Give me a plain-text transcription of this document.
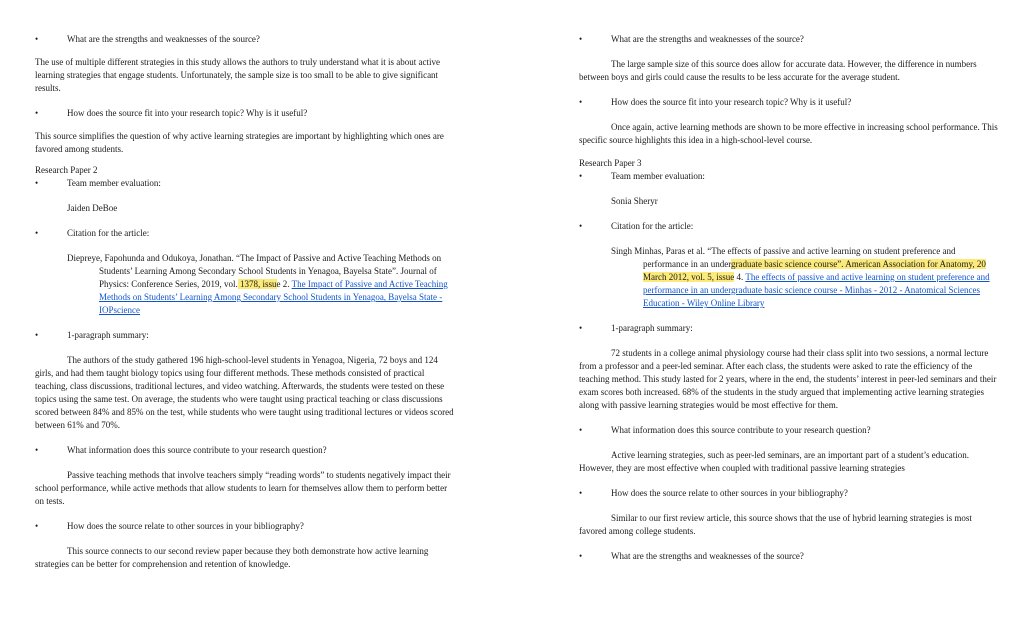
•	What are the strengths and weaknesses of the source?

The use of multiple different strategies in this study allows the authors to truly understand what it is about active learning strategies that engage students. Unfortunately, the sample size is too small to be able to give significant results.

•	How does the source fit into your research topic? Why is it useful?

This source simplifies the question of why active learning strategies are important by highlighting which ones are favored among students.

Research Paper 2
•	Team member evaluation:
Jaiden DeBoe
•	Citation for the article:

Diepreye, Fapohunda and Odukoya, Jonathan. “The Impact of Passive and Active Teaching Methods on Students’ Learning Among Secondary School Students in Yenagoa, Bayelsa State”. Journal of Physics: Conference Series, 2019, vol. 1378, issue 2. The Impact of Passive and Active Teaching Methods on Students’ Learning Among Secondary School Students in Yenagoa, Bayelsa State - IOPscience

•	1-paragraph summary:

The authors of the study gathered 196 high-school-level students in Yenagoa, Nigeria, 72 boys and 124 girls, and had them taught biology topics using four different methods. These methods consisted of practical teaching, class discussions, traditional lectures, and video watching. Afterwards, the students were tested on these topics using the same test. On average, the students who were taught using practical teaching or class discussions scored between 84% and 85% on the test, while students who were taught using traditional lectures or videos scored between 61% and 70%.

•	What information does this source contribute to your research question?

Passive teaching methods that involve teachers simply “reading words” to students negatively impact their school performance, while active methods that allow students to learn for themselves allow them to perform better on tests.

•	How does the source relate to other sources in your bibliography?

This source connects to our second review paper because they both demonstrate how active learning strategies can be better for comprehension and retention of knowledge.

•	What are the strengths and weaknesses of the source?

The large sample size of this source does allow for accurate data. However, the difference in numbers between boys and girls could cause the results to be less accurate for the average student.

•	How does the source fit into your research topic? Why is it useful?

Once again, active learning methods are shown to be more effective in increasing school performance. This specific source highlights this idea in a high-school-level course.

Research Paper 3
•	Team member evaluation:
Sonia Sheryr
•	Citation for the article:

Singh Minhas, Paras et al. “The effects of passive and active learning on student preference and performance in an undergraduate basic science course”. American Association for Anatomy, 20 March 2012, vol. 5, issue 4. The effects of passive and active learning on student preference and performance in an undergraduate basic science course - Minhas - 2012 - Anatomical Sciences Education - Wiley Online Library

•	1-paragraph summary:

72 students in a college animal physiology course had their class split into two sessions, a normal lecture from a professor and a peer-led seminar. After each class, the students were asked to rate the efficiency of the teaching method. This study lasted for 2 years, where in the end, the students’ interest in peer-led seminars and their exam scores both increased. 68% of the students in the study argued that implementing active learning strategies along with passive learning strategies would be most effective for them.

•	What information does this source contribute to your research question?

Active learning strategies, such as peer-led seminars, are an important part of a student’s education. However, they are most effective when coupled with traditional passive learning strategies

•	How does the source relate to other sources in your bibliography?

Similar to our first review article, this source shows that the use of hybrid learning strategies is most favored among college students.

•	What are the strengths and weaknesses of the source?
